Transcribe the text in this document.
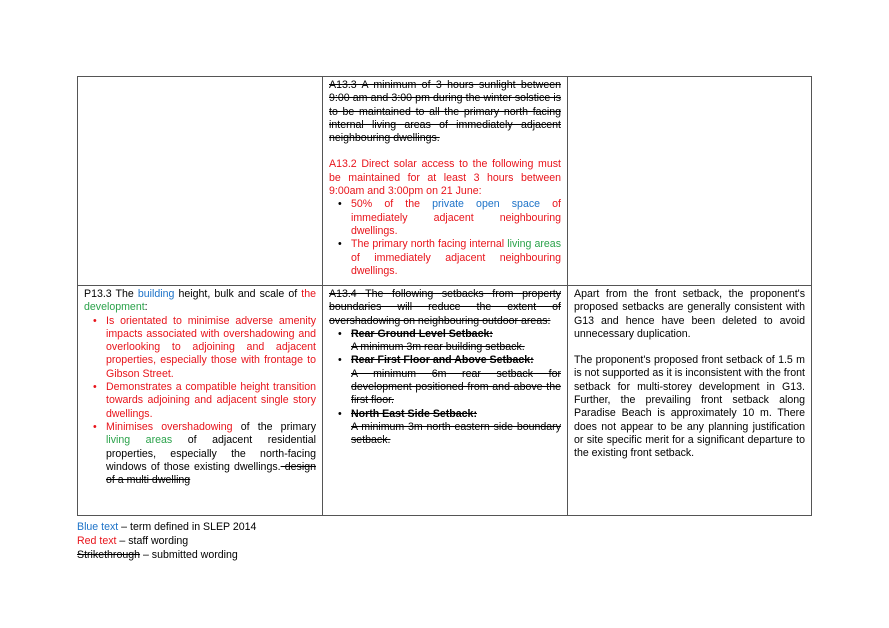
A13.3 A minimum of 3 hours sunlight between 9:00 am and 3:00 pm during the winter solstice is to be maintained to all the primary north facing internal living areas of immediately adjacent neighbouring dwellings.

A13.2 Direct solar access to the following must be maintained for at least 3 hours between 9:00am and 3:00pm on 21 June:

• 50% of the private open space of immediately adjacent neighbouring dwellings.
• The primary north facing internal living areas of immediately adjacent neighbouring dwellings.

P13.3 The building height, bulk and scale of the development:

• Is orientated to minimise adverse amenity impacts associated with overshadowing and overlooking to adjoining and adjacent properties, especially those with frontage to Gibson Street.
• Demonstrates a compatible height transition towards adjoining and adjacent single story dwellings.
• Minimises overshadowing of the primary living areas of adjacent residential properties, especially the north-facing windows of those existing dwellings. design of a multi dwelling

A13.4 The following setbacks from property boundaries will reduce the extent of overshadowing on neighbouring outdoor areas:

• Rear Ground Level Setback:
A minimum 3m rear building setback.
• Rear First Floor and Above Setback:
A minimum 6m rear setback for development positioned from and above the first floor.
• North East Side Setback:
A minimum 3m north eastern side boundary setback.

Apart from the front setback, the proponent's proposed setbacks are generally consistent with G13 and hence have been deleted to avoid unnecessary duplication.

The proponent's proposed front setback of 1.5 m is not supported as it is inconsistent with the front setback for multi-storey development in G13. Further, the prevailing front setback along Paradise Beach is approximately 10 m. There does not appear to be any planning justification or site specific merit for a significant departure to the existing front setback.

Blue text – term defined in SLEP 2014
Red text – staff wording
Strikethrough – submitted wording
